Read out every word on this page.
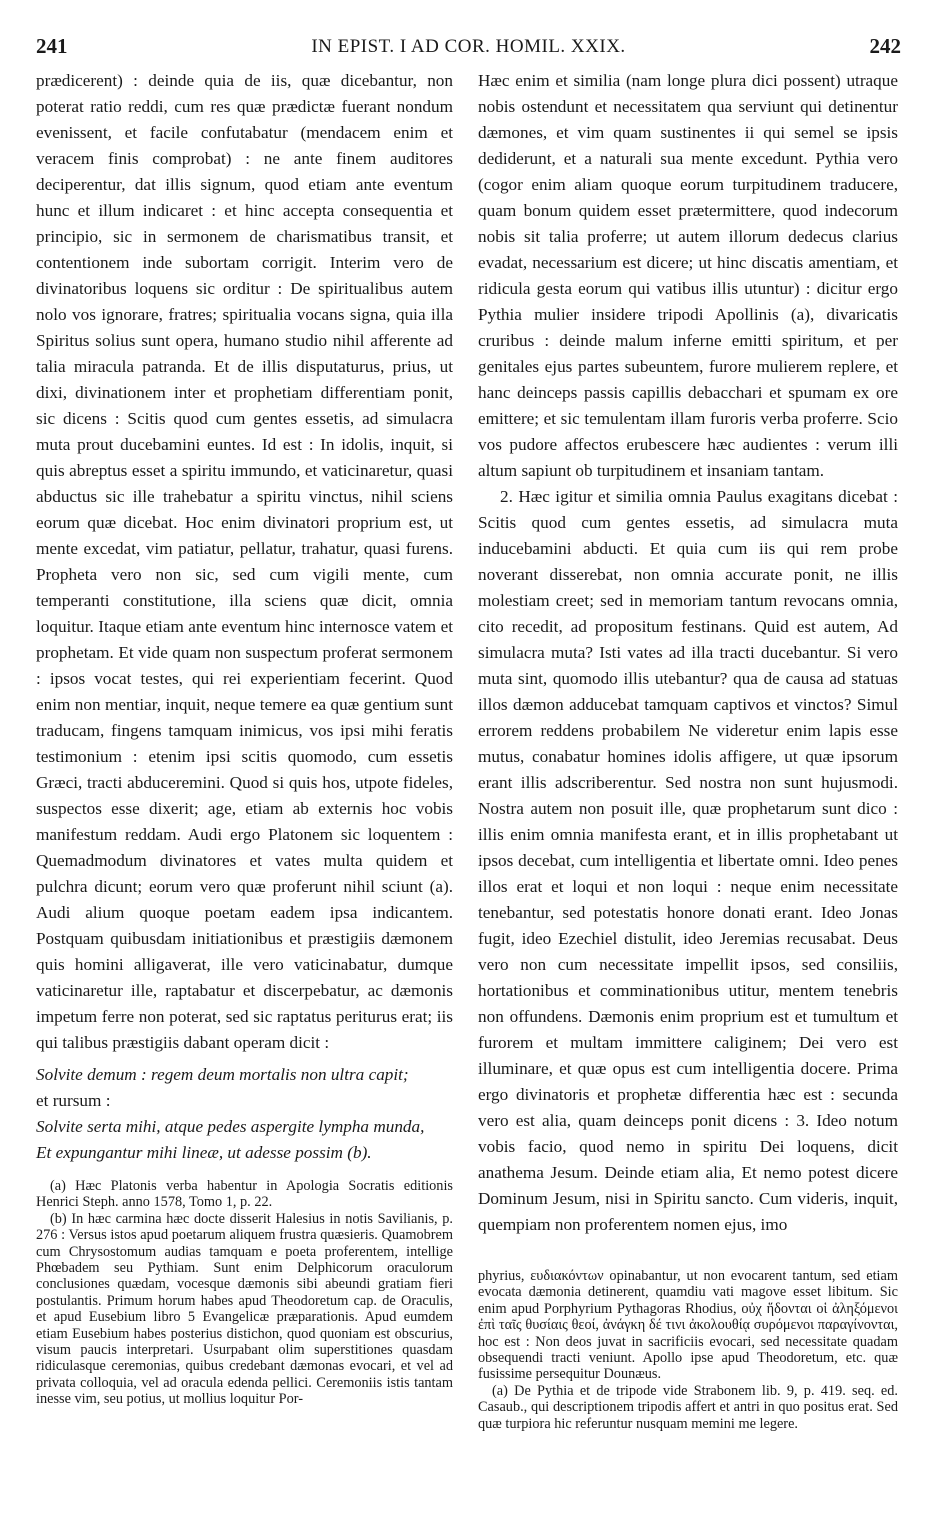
241	IN EPIST. I AD COR. HOMIL. XXIX.	242

prædicerent) : deinde quia de iis, quæ dicebantur, non poterat ratio reddi, cum res quæ prædictæ fuerant nondum evenissent, et facile confutabatur (mendacem enim et veracem finis comprobat) : ne ante finem auditores deciperentur, dat illis signum, quod etiam ante eventum hunc et illum indicaret : et hinc accepta consequentia et principio, sic in sermonem de charismatibus transit, et contentionem inde subortam corrigit. Interim vero de divinatoribus loquens sic orditur : De spiritualibus autem nolo vos ignorare, fratres; spiritualia vocans signa, quia illa Spiritus solius sunt opera, humano studio nihil afferente ad talia miracula patranda. Et de illis disputaturus, prius, ut dixi, divinationem inter et prophetiam differentiam ponit, sic dicens : Scitis quod cum gentes essetis, ad simulacra muta prout ducebamini euntes. Id est : In idolis, inquit, si quis abreptus esset a spiritu immundo, et vaticinaretur, quasi abductus sic ille trahebatur a spiritu vinctus, nihil sciens eorum quæ dicebat. Hoc enim divinatori proprium est, ut mente excedat, vim patiatur, pellatur, trahatur, quasi furens. Propheta vero non sic, sed cum vigili mente, cum temperanti constitutione, illa sciens quæ dicit, omnia loquitur. Itaque etiam ante eventum hinc internosce vatem et prophetam. Et vide quam non suspectum proferat sermonem : ipsos vocat testes, qui rei experientiam fecerint. Quod enim non mentiar, inquit, neque temere ea quæ gentium sunt traducam, fingens tamquam inimicus, vos ipsi mihi feratis testimonium : etenim ipsi scitis quomodo, cum essetis Græci, tracti abduceremini. Quod si quis hos, utpote fideles, suspectos esse dixerit; age, etiam ab externis hoc vobis manifestum reddam. Audi ergo Platonem sic loquentem : Quemadmodum divinatores et vates multa quidem et pulchra dicunt; eorum vero quæ proferunt nihil sciunt (a). Audi alium quoque poetam eadem ipsa indicantem. Postquam quibusdam initiationibus et præstigiis dæmonem quis homini alligaverat, ille vero vaticinabatur, dumque vaticinaretur ille, raptabatur et discerpebatur, ac dæmonis impetum ferre non poterat, sed sic raptatus periturus erat; iis qui talibus præstigiis dabant operam dicit :

Solvite demum : regem deum mortalis non ultra capit;

et rursum :

Solvite serta mihi, atque pedes aspergite lympha munda,

Et expungantur mihi lineæ, ut adesse possim (b).

(a) Hæc Platonis verba habentur in Apologia Socratis editionis Henrici Steph. anno 1578, Tomo 1, p. 22.

(b) In hæc carmina hæc docte disserit Halesius in notis Savilianis, p. 276 : Versus istos apud poetarum aliquem frustra quæsieris. Quamobrem cum Chrysostomum audias tamquam e poeta proferentem, intellige Phœbadem seu Pythiam. Sunt enim Delphicorum oraculorum conclusiones quædam, vocesque dæmonis sibi abeundi gratiam fieri postulantis. Primum horum habes apud Theodoretum cap. de Oraculis, et apud Eusebium libro 5 Evangelicæ præparationis. Apud eumdem etiam Eusebium habes posterius distichon, quod quoniam est obscurius, visum paucis interpretari. Usurpabant olim superstitiones quasdam ridiculasque ceremonias, quibus credebant dæmonas evocari, et vel ad privata colloquia, vel ad oracula edenda pellici. Ceremoniis istis tantam inesse vim, seu potius, ut mollius loquitur Por-

Hæc enim et similia (nam longe plura dici possent) utraque nobis ostendunt et necessitatem qua serviunt qui detinentur dæmones, et vim quam sustinentes ii qui semel se ipsis dediderunt, et a naturali sua mente excedunt. Pythia vero (cogor enim aliam quoque eorum turpitudinem traducere, quam bonum quidem esset prætermittere, quod indecorum nobis sit talia proferre; ut autem illorum dedecus clarius evadat, necessarium est dicere; ut hinc discatis amentiam, et ridicula gesta eorum qui vatibus illis utuntur) : dicitur ergo Pythia mulier insidere tripodi Apollinis (a), divaricatis cruribus : deinde malum inferne emitti spiritum, et per genitales ejus partes subeuntem, furore mulierem replere, et hanc deinceps passis capillis debacchari et spumam ex ore emittere; et sic temulentam illam furoris verba proferre. Scio vos pudore affectos erubescere hæc audientes : verum illi altum sapiunt ob turpitudinem et insaniam tantam.

2. Hæc igitur et similia omnia Paulus exagitans dicebat : Scitis quod cum gentes essetis, ad simulacra muta inducebamini abducti. Et quia cum iis qui rem probe noverant disserebat, non omnia accurate ponit, ne illis molestiam creet; sed in memoriam tantum revocans omnia, cito recedit, ad propositum festinans. Quid est autem, Ad simulacra muta? Isti vates ad illa tracti ducebantur. Si vero muta sint, quomodo illis utebantur? qua de causa ad statuas illos dæmon adducebat tamquam captivos et vinctos? Simul errorem reddens probabilem Ne videretur enim lapis esse mutus, conabatur homines idolis affigere, ut quæ ipsorum erant illis adscriberentur. Sed nostra non sunt hujusmodi. Nostra autem non posuit ille, quæ prophetarum sunt dico : illis enim omnia manifesta erant, et in illis prophetabant ut ipsos decebat, cum intelligentia et libertate omni. Ideo penes illos erat et loqui et non loqui : neque enim necessitate tenebantur, sed potestatis honore donati erant. Ideo Jonas fugit, ideo Ezechiel distulit, ideo Jeremias recusabat. Deus vero non cum necessitate impellit ipsos, sed consiliis, hortationibus et comminationibus utitur, mentem tenebris non offundens. Dæmonis enim proprium est et tumultum et furorem et multam immittere caliginem; Dei vero est illuminare, et quæ opus est cum intelligentia docere. Prima ergo divinatoris et prophetæ differentia hæc est : secunda vero est alia, quam deinceps ponit dicens : 3. Ideo notum vobis facio, quod nemo in spiritu Dei loquens, dicit anathema Jesum. Deinde etiam alia, Et nemo potest dicere Dominum Jesum, nisi in Spiritu sancto. Cum videris, inquit, quempiam non proferentem nomen ejus, imo

phyrius, ευδιακόντων opinabantur, ut non evocarent tantum, sed etiam evocata dæmonia detinerent, quamdiu vati magove esset libitum. Sic enim apud Porphyrium Pythagoras Rhodius, οὐχ ἥδονται οἱ ἀληξόμενοι ἐπὶ ταῖς θυσίαις θεοί, ἀνάγκη δέ τινι ἀκολουθίᾳ συρόμενοι παραγίνονται, hoc est : Non deos juvat in sacrificiis evocari, sed necessitate quadam obsequendi tracti veniunt. Apollo ipse apud Theodoretum, etc. quæ fusissime persequitur Dounæus.

(a) De Pythia et de tripode vide Strabonem lib. 9, p. 419. seq. ed. Casaub., qui descriptionem tripodis affert et antri in quo positus erat. Sed quæ turpiora hic referuntur nusquam memini me legere.
